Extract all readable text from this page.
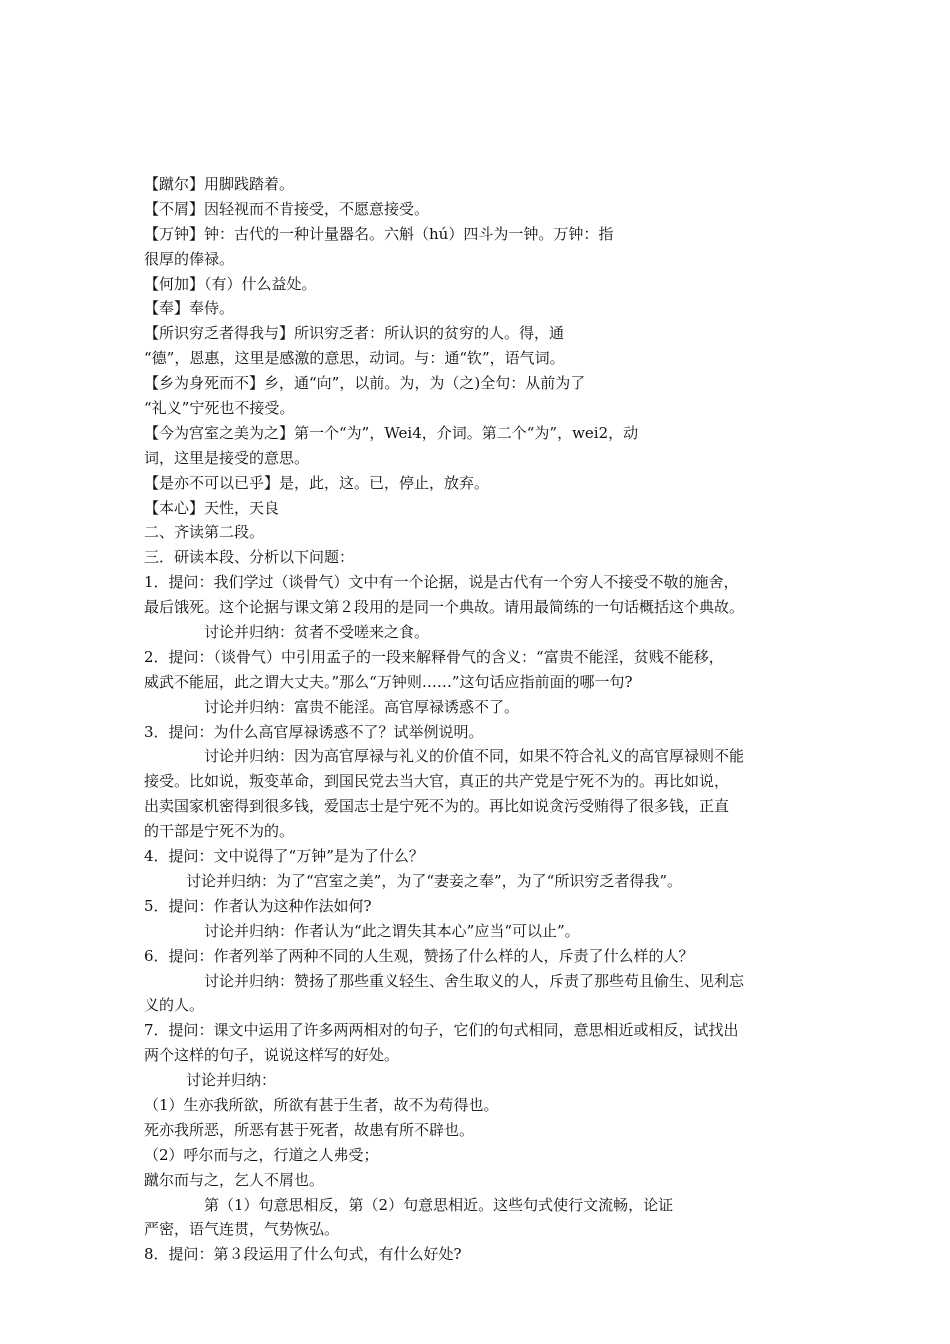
【蹴尔】用脚践踏着。
【不屑】因轻视而不肯接受，不愿意接受。
【万钟】钟：古代的一种计量器名。六斛（hú）四斗为一钟。万钟：指
很厚的俸禄。
【何加】（有）什么益处。
【奉】奉侍。
【所识穷乏者得我与】所识穷乏者：所认识的贫穷的人。得，通
“德”，恩惠，这里是感激的意思，动词。与：通“钦”，语气词。
【乡为身死而不】乡，通“向”，以前。为，为（之)全句：从前为了
“礼义”宁死也不接受。
【今为宫室之美为之】第一个“为”，Wei4，介词。第二个“为”，wei2，动
词，这里是接受的意思。
【是亦不可以已乎】是，此，这。已，停止，放弃。
【本心】天性，天良
二、齐读第二段。
三．研读本段、分析以下问题：
1．提问：我们学过（谈骨气）文中有一个论据，说是古代有一个穷人不接受不敬的施舍，
最后饿死。这个论据与课文第２段用的是同一个典故。请用最简练的一句话概括这个典故。
讨论并归纳：贫者不受嗟来之食。
2．提问：（谈骨气）中引用孟子的一段来解释骨气的含义：“富贵不能淫，贫贱不能移，
威武不能屈，此之谓大丈夫。”那么“万钟则……”这句话应指前面的哪一句?
讨论并归纳：富贵不能淫。高官厚禄诱惑不了。
3．提问：为什么高官厚禄诱惑不了？试举例说明。
讨论并归纳：因为高官厚禄与礼义的价值不同，如果不符合礼义的高官厚禄则不能
接受。比如说，叛变革命，到国民党去当大官，真正的共产党是宁死不为的。再比如说，
出卖国家机密得到很多钱，爱国志士是宁死不为的。再比如说贪污受贿得了很多钱，正直
的干部是宁死不为的。
4．提问：文中说得了“万钟”是为了什么？
讨论并归纳：为了“宫室之美”，为了“妻妾之奉”，为了“所识穷乏者得我”。
5．提问：作者认为这种作法如何?
讨论并归纳：作者认为“此之谓失其本心”应当“可以止”。
6．提问：作者列举了两种不同的人生观，赞扬了什么样的人，斥责了什么样的人？
讨论并归纳：赞扬了那些重义轻生、舍生取义的人，斥责了那些苟且偷生、见利忘
义的人。
7．提问：课文中运用了许多两两相对的句子，它们的句式相同，意思相近或相反，试找出
两个这样的句子，说说这样写的好处。
讨论并归纳：
（1）生亦我所欲，所欲有甚于生者，故不为苟得也。
死亦我所恶，所恶有甚于死者，故患有所不辟也。
（2）呼尔而与之，行道之人弗受；
蹴尔而与之，乞人不屑也。
第（1）句意思相反，第（2）句意思相近。这些句式使行文流畅，论证
严密，语气连贯，气势恢弘。
8．提问：第３段运用了什么句式，有什么好处?
